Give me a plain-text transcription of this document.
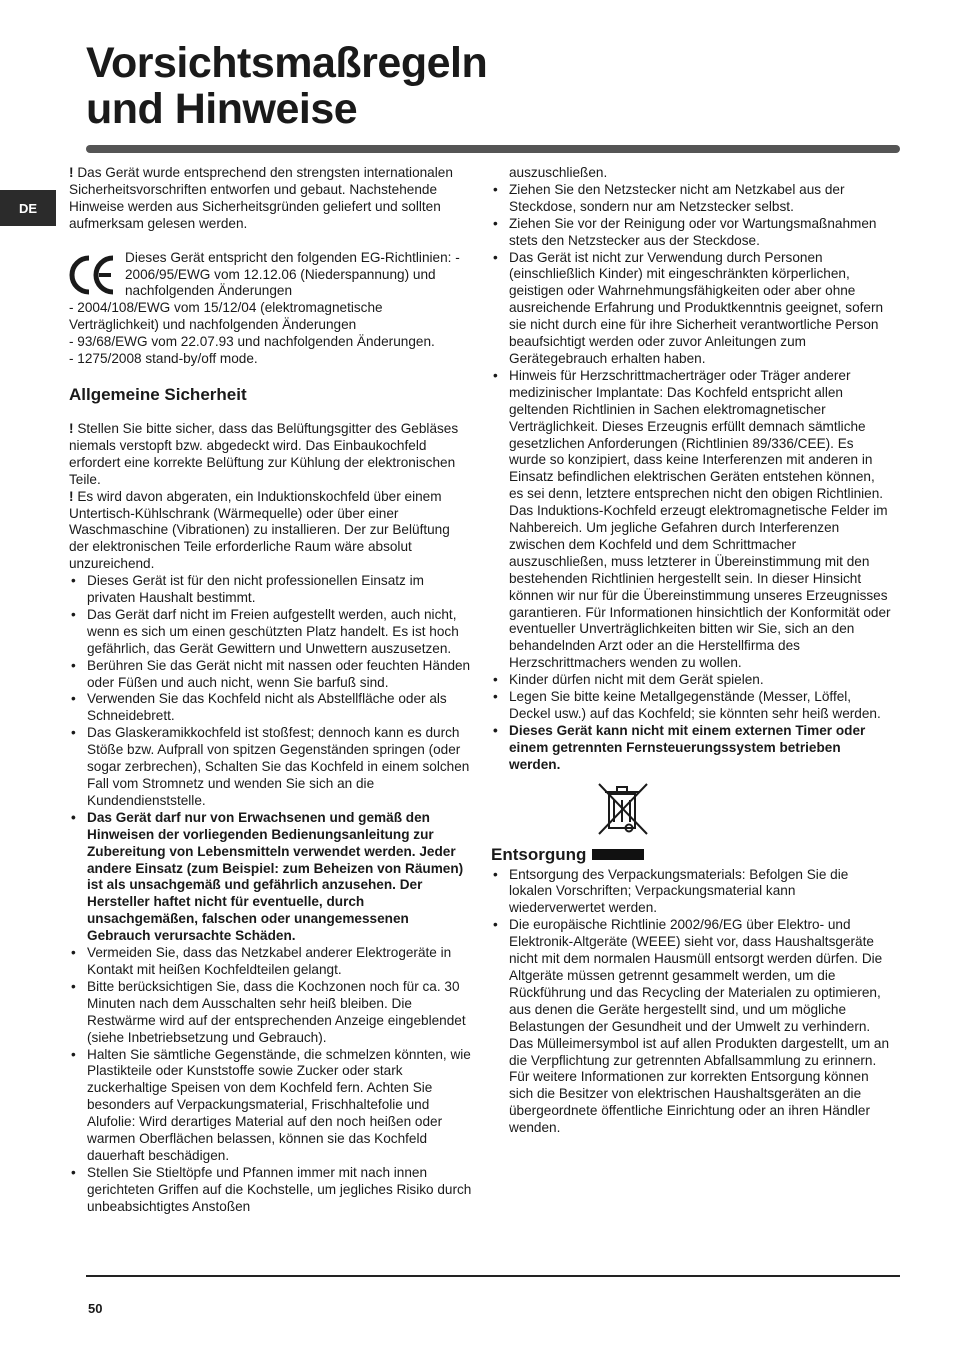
Vorsichtsmaßregeln
und Hinweise
DE

! Das Gerät wurde entsprechend den strengsten internationalen Sicherheitsvorschriften entworfen und gebaut. Nachstehende Hinweise werden aus Sicherheitsgründen geliefert und sollten aufmerksam gelesen werden.

Dieses Gerät entspricht den folgenden EG-Richtlinien: - 2006/95/EWG vom 12.12.06 (Niederspannung) und nachfolgenden Änderungen

- 2004/108/EWG vom 15/12/04 (elektromagnetische Verträglichkeit) und nachfolgenden Änderungen

- 93/68/EWG vom 22.07.93 und nachfolgenden Änderungen.

- 1275/2008 stand-by/off mode.

Allgemeine Sicherheit

! Stellen Sie bitte sicher, dass das Belüftungsgitter des Gebläses niemals verstopft bzw. abgedeckt wird. Das Einbaukochfeld erfordert eine korrekte Belüftung zur Kühlung der elektronischen Teile.

! Es wird davon abgeraten, ein Induktionskochfeld über einem Untertisch-Kühlschrank (Wärmequelle) oder über einer Waschmaschine (Vibrationen) zu installieren. Der zur Belüftung der elektronischen Teile erforderliche Raum wäre absolut unzureichend.

• Dieses Gerät ist für den nicht professionellen Einsatz im privaten Haushalt bestimmt.
• Das Gerät darf nicht im Freien aufgestellt werden, auch nicht, wenn es sich um einen geschützten Platz handelt. Es ist hoch gefährlich, das Gerät Gewittern und Unwettern auszusetzen.
• Berühren Sie das Gerät nicht mit nassen oder feuchten Händen oder Füßen und auch nicht, wenn Sie barfuß sind.
• Verwenden Sie das Kochfeld nicht als Abstellfläche oder als Schneidebrett.
• Das Glaskeramikkochfeld ist stoßfest; dennoch kann es durch Stöße bzw. Aufprall von spitzen Gegenständen springen (oder sogar zerbrechen), Schalten Sie das Kochfeld in einem solchen Fall vom Stromnetz und wenden Sie sich an die Kundendienststelle.
• Das Gerät darf nur von Erwachsenen und gemäß den Hinweisen der vorliegenden Bedienungsanleitung zur Zubereitung von Lebensmitteln verwendet werden. Jeder andere Einsatz (zum Beispiel: zum Beheizen von Räumen) ist als unsachgemäß und gefährlich anzusehen. Der Hersteller haftet nicht für eventuelle, durch unsachgemäßen, falschen oder unangemessenen Gebrauch verursachte Schäden.
• Vermeiden Sie, dass das Netzkabel anderer Elektrogeräte in Kontakt mit heißen Kochfeldteilen gelangt.
• Bitte berücksichtigen Sie, dass die Kochzonen noch für ca. 30 Minuten nach dem Ausschalten sehr heiß bleiben. Die Restwärme wird auf der entsprechenden Anzeige eingeblendet (siehe Inbetriebsetzung und Gebrauch).
• Halten Sie sämtliche Gegenstände, die schmelzen könnten, wie Plastikteile oder Kunststoffe sowie Zucker oder stark zuckerhaltige Speisen von dem Kochfeld fern. Achten Sie besonders auf Verpackungsmaterial, Frischhaltefolie und Alufolie: Wird derartiges Material auf den noch heißen oder warmen Oberflächen belassen, können sie das Kochfeld dauerhaft beschädigen.
• Stellen Sie Stieltöpfe und Pfannen immer mit nach innen gerichteten Griffen auf die Kochstelle, um jegliches Risiko durch unbeabsichtigtes Anstoßen

auszuschließen.

• Ziehen Sie den Netzstecker nicht am Netzkabel aus der Steckdose, sondern nur am Netzstecker selbst.
• Ziehen Sie vor der Reinigung oder vor Wartungsmaßnahmen stets den Netzstecker aus der Steckdose.
• Das Gerät ist nicht zur Verwendung durch Personen (einschließlich Kinder) mit eingeschränkten körperlichen, geistigen oder Wahrnehmungsfähigkeiten oder aber ohne ausreichende Erfahrung und Produktkenntnis geeignet, sofern sie nicht durch eine für ihre Sicherheit verantwortliche Person beaufsichtigt werden oder zuvor Anleitungen zum Gerätegebrauch erhalten haben.
• Hinweis für Herzschrittmacherträger oder Träger anderer medizinischer Implantate: Das Kochfeld entspricht allen geltenden Richtlinien in Sachen elektromagnetischer Verträglichkeit. Dieses Erzeugnis erfüllt demnach sämtliche gesetzlichen Anforderungen (Richtlinien 89/336/CEE). Es wurde so konzipiert, dass keine Interferenzen mit anderen in Einsatz befindlichen elektrischen Geräten entstehen können, es sei denn, letztere entsprechen nicht den obigen Richtlinien. Das Induktions-Kochfeld erzeugt elektromagnetische Felder im Nahbereich. Um jegliche Gefahren durch Interferenzen zwischen dem Kochfeld und dem Schrittmacher auszuschließen, muss letzterer in Übereinstimmung mit den bestehenden Richtlinien hergestellt sein. In dieser Hinsicht können wir nur für die Übereinstimmung unseres Erzeugnisses garantieren. Für Informationen hinsichtlich der Konformität oder eventueller Unverträglichkeiten bitten wir Sie, sich an den behandelnden Arzt oder an die Herstellfirma des Herzschrittmachers wenden zu wollen.
• Kinder dürfen nicht mit dem Gerät spielen.
• Legen Sie bitte keine Metallgegenstände (Messer, Löffel, Deckel usw.) auf das Kochfeld; sie könnten sehr heiß werden.
• Dieses Gerät kann nicht mit einem externen Timer oder einem getrennten Fernsteuerungssystem betrieben werden.
Entsorgung
• Entsorgung des Verpackungsmaterials: Befolgen Sie die lokalen Vorschriften; Verpackungsmaterial kann wiederverwertet werden.
• Die europäische Richtlinie 2002/96/EG über Elektro- und Elektronik-Altgeräte (WEEE) sieht vor, dass Haushaltsgeräte nicht mit dem normalen Hausmüll entsorgt werden dürfen. Die Altgeräte müssen getrennt gesammelt werden, um die Rückführung und das Recycling der Materialen zu optimieren, aus denen die Geräte hergestellt sind, und um mögliche Belastungen der Gesundheit und der Umwelt zu verhindern. Das Mülleimersymbol ist auf allen Produkten dargestellt, um an die Verpflichtung zur getrennten Abfallsammlung zu erinnern. Für weitere Informationen zur korrekten Entsorgung können sich die Besitzer von elektrischen Haushaltsgeräten an die übergeordnete öffentliche Einrichtung oder an ihren Händler wenden.
50
